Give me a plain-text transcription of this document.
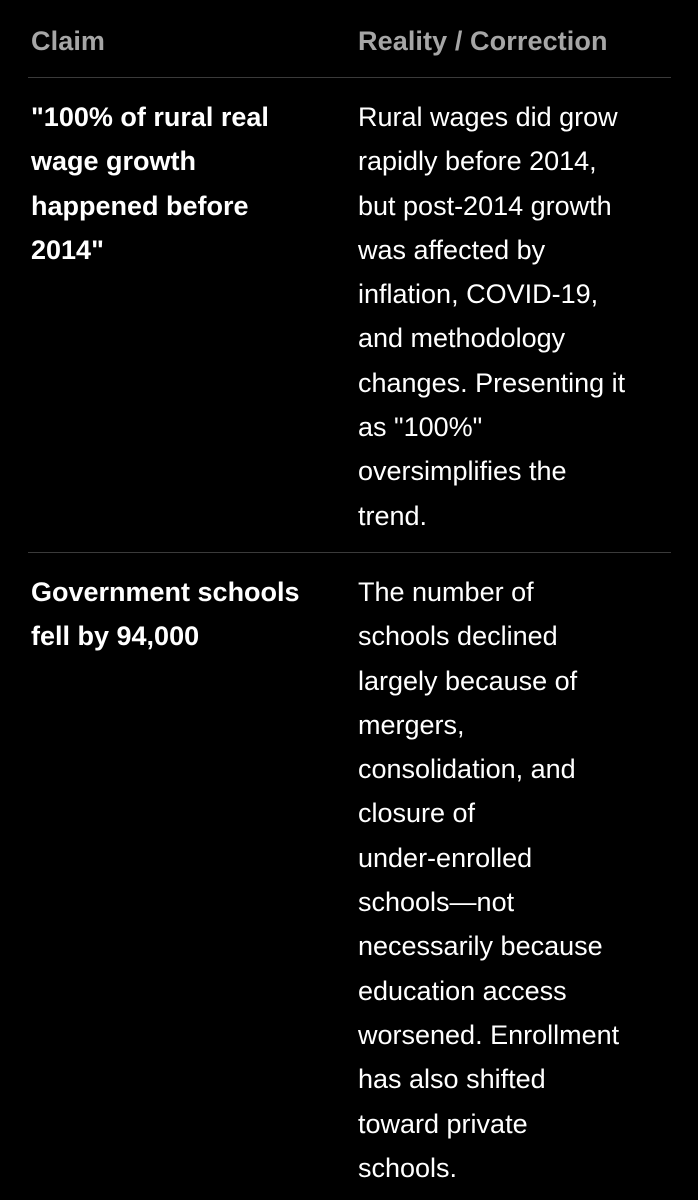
Claim	Reality / Correction
"100% of rural real
wage growth
happened before
2014"
Rural wages did grow
rapidly before 2014,
but post-2014 growth
was affected by
inflation, COVID-19,
and methodology
changes. Presenting it
as "100%"
oversimplifies the
trend.
Government schools
fell by 94,000
The number of
schools declined
largely because of
mergers,
consolidation, and
closure of
under-enrolled
schools—not
necessarily because
education access
worsened. Enrollment
has also shifted
toward private
schools.
